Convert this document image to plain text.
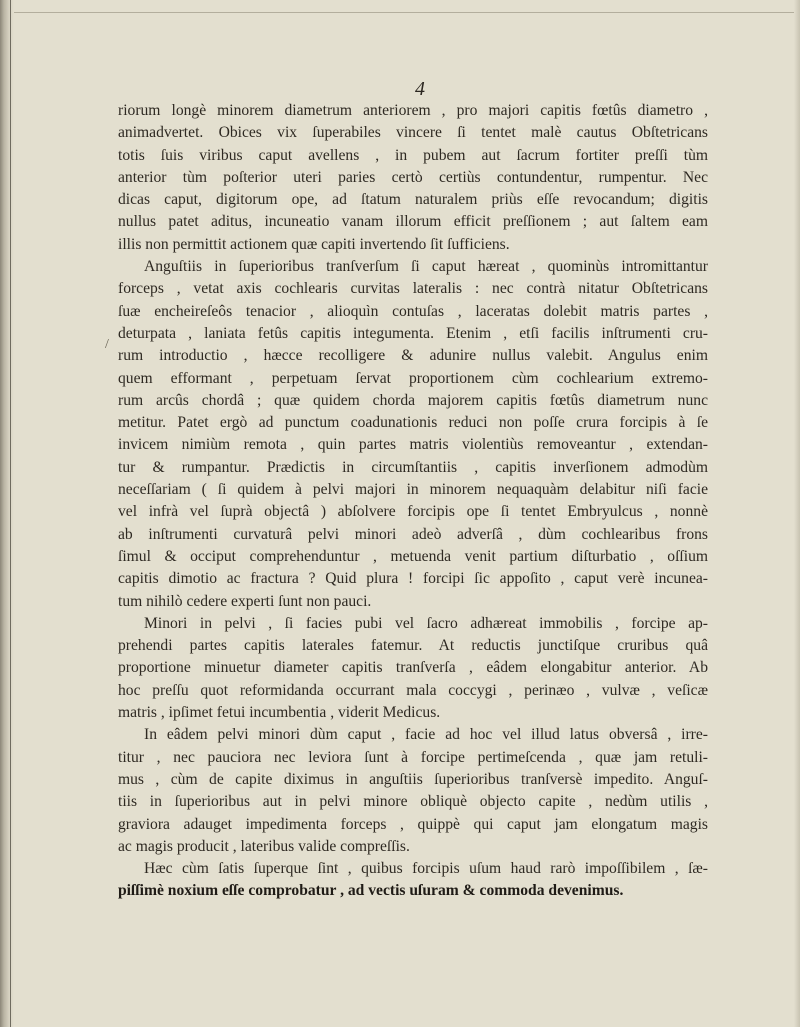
4
/
riorum longè minorem diametrum anteriorem , pro majori capitis fœtûs diametro ,
animadvertet. Obices vix ſuperabiles vincere ſi tentet malè cautus Obſtetricans
totis ſuis viribus caput avellens , in pubem aut ſacrum fortiter preſſi tùm
anterior tùm poſterior uteri paries certò certiùs contundentur, rumpentur. Nec
dicas caput, digitorum ope, ad ſtatum naturalem priùs eſſe revocandum; digitis
nullus patet aditus, incuneatio vanam illorum efficit preſſionem ; aut ſaltem eam
illis non permittit actionem quæ capiti invertendo ſit ſufficiens.
Anguſtiis in ſuperioribus tranſverſum ſi caput hæreat , quominùs intromittantur
forceps , vetat axis cochlearis curvitas lateralis : nec contrà nitatur Obſtetricans
ſuæ encheireſeôs tenacior , alioquìn contuſas , laceratas dolebit matris partes ,
deturpata , laniata fetûs capitis integumenta. Etenim , etſi facilis inſtrumenti cru-
rum introductio , hæcce recolligere & adunire nullus valebit. Angulus enim
quem efformant , perpetuam ſervat proportionem cùm cochlearium extremo-
rum arcûs chordâ ; quæ quidem chorda majorem capitis fœtûs diametrum nunc
metitur. Patet ergò ad punctum coadunationis reduci non poſſe crura forcipis à ſe
invicem nimiùm remota , quin partes matris violentiùs removeantur , extendan-
tur & rumpantur. Prædictis in circumſtantiis , capitis inverſionem admodùm
neceſſariam ( ſi quidem à pelvi majori in minorem nequaquàm delabitur niſi facie
vel infrà vel ſuprà objectâ ) abſolvere forcipis ope ſi tentet Embryulcus , nonnè
ab inſtrumenti curvaturâ pelvi minori adeò adverſâ , dùm cochlearibus frons
ſimul & occiput comprehenduntur , metuenda venit partium diſturbatio , oſſium
capitis dimotio ac fractura ? Quid plura ! forcipi ſic appoſito , caput verè incunea-
tum nihilò cedere experti ſunt non pauci.
Minori in pelvi , ſi facies pubi vel ſacro adhæreat immobilis , forcipe ap-
prehendi partes capitis laterales fatemur. At reductis junctiſque cruribus quâ
proportione minuetur diameter capitis tranſverſa , eâdem elongabitur anterior. Ab
hoc preſſu quot reformidanda occurrant mala coccygi , perinæo , vulvæ , veſicæ
matris , ipſimet fetui incumbentia , viderit Medicus.
In eâdem pelvi minori dùm caput , facie ad hoc vel illud latus obversâ , irre-
titur , nec pauciora nec leviora ſunt à forcipe pertimeſcenda , quæ jam retuli-
mus , cùm de capite diximus in anguſtiis ſuperioribus tranſversè impedito. Anguſ-
tiis in ſuperioribus aut in pelvi minore obliquè objecto capite , nedùm utilis ,
graviora adauget impedimenta forceps , quippè qui caput jam elongatum magis
ac magis producit , lateribus valide compreſſis.
Hæc cùm ſatis ſuperque ſint , quibus forcipis uſum haud rarò impoſſibilem , ſæ-
piſſimè noxium eſſe comprobatur , ad vectis uſuram & commoda devenimus.
